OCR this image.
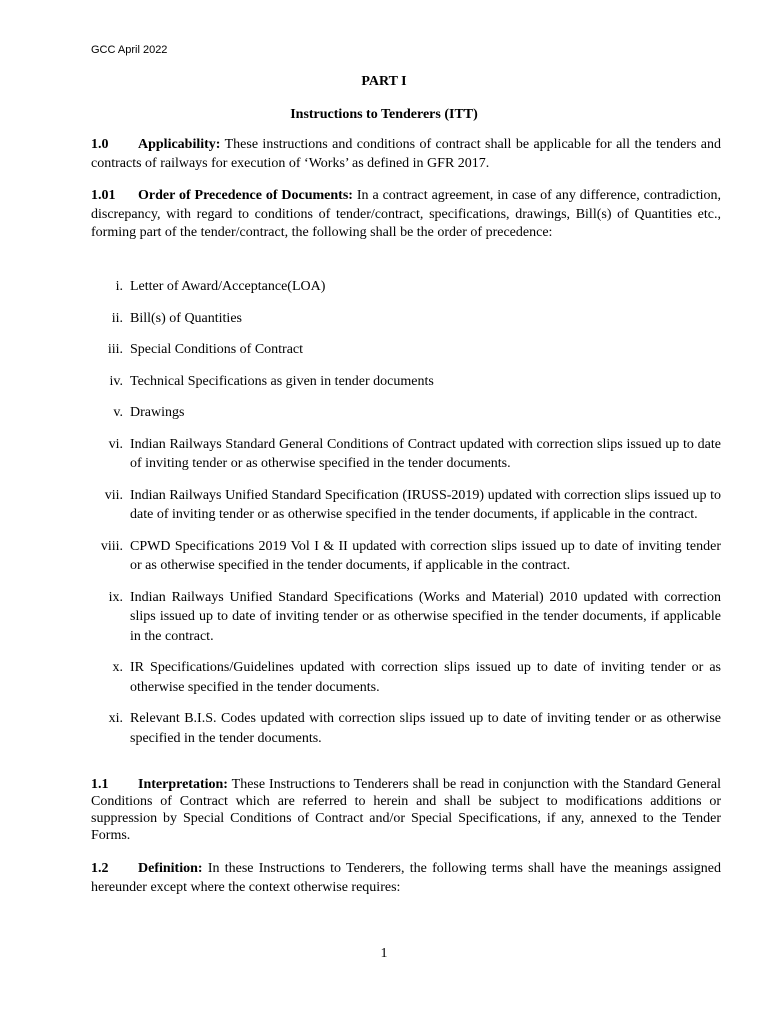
GCC April 2022
PART I
Instructions to Tenderers (ITT)

1.0 Applicability: These instructions and conditions of contract shall be applicable for all the tenders and contracts of railways for execution of ‘Works’ as defined in GFR 2017.

1.01 Order of Precedence of Documents: In a contract agreement, in case of any difference, contradiction, discrepancy, with regard to conditions of tender/contract, specifications, drawings, Bill(s) of Quantities etc., forming part of the tender/contract, the following shall be the order of precedence:

i. Letter of Award/Acceptance(LOA)
ii. Bill(s) of Quantities
iii. Special Conditions of Contract
iv. Technical Specifications as given in tender documents
v. Drawings
vi. Indian Railways Standard General Conditions of Contract updated with correction slips issued up to date of inviting tender or as otherwise specified in the tender documents.
vii. Indian Railways Unified Standard Specification (IRUSS-2019) updated with correction slips issued up to date of inviting tender or as otherwise specified in the tender documents, if applicable in the contract.
viii. CPWD Specifications 2019 Vol I & II updated with correction slips issued up to date of inviting tender or as otherwise specified in the tender documents, if applicable in the contract.
ix. Indian Railways Unified Standard Specifications (Works and Material) 2010 updated with correction slips issued up to date of inviting tender or as otherwise specified in the tender documents, if applicable in the contract.
x. IR Specifications/Guidelines updated with correction slips issued up to date of inviting tender or as otherwise specified in the tender documents.
xi. Relevant B.I.S. Codes updated with correction slips issued up to date of inviting tender or as otherwise specified in the tender documents.

1.1 Interpretation: These Instructions to Tenderers shall be read in conjunction with the Standard General Conditions of Contract which are referred to herein and shall be subject to modifications additions or suppression by Special Conditions of Contract and/or Special Specifications, if any, annexed to the Tender Forms.

1.2 Definition: In these Instructions to Tenderers, the following terms shall have the meanings assigned hereunder except where the context otherwise requires:

1
